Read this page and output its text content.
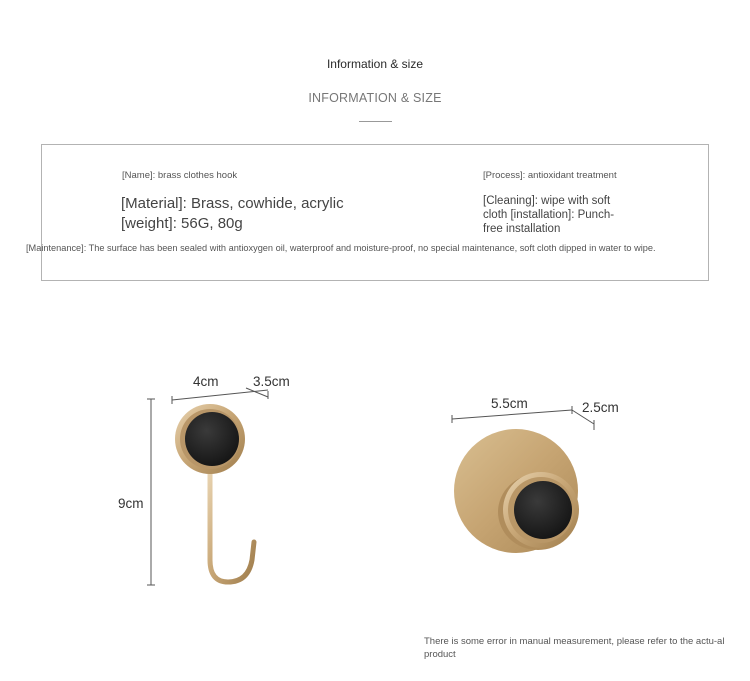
Information & size
INFORMATION & SIZE
[Name]: brass clothes hook
[Material]: Brass, cowhide, acrylic [weight]: 56G, 80g
[Process]: antioxidant treatment
[Cleaning]: wipe with soft cloth [installation]: Punch-free installation
[Maintenance]: The surface has been sealed with antioxygen oil, waterproof and moisture-proof, no special maintenance, soft cloth dipped in water to wipe.
4cm	3.5cm
9cm
5.5cm	2.5cm
There is some error in manual measurement, please refer to the actu-al product
